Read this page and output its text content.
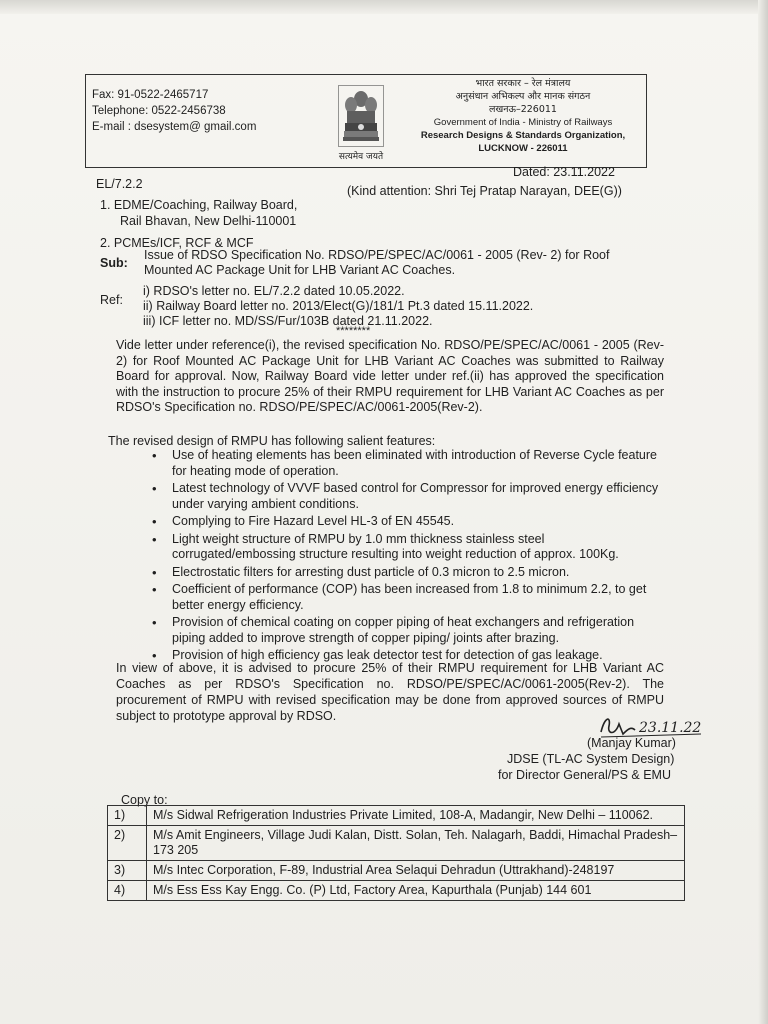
Fax: 91-0522-2465717
Telephone: 0522-2456738
E-mail : dsesystem@ gmail.com
सत्यमेव जयते
भारत सरकार – रेल मंत्रालय
अनुसंधान अभिकल्प और मानक संगठन
लखनऊ–226011
Government of India - Ministry of Railways
Research Designs & Standards Organization,
LUCKNOW - 226011
EL/7.2.2
Dated: 23.11.2022
(Kind attention: Shri Tej Pratap Narayan, DEE(G))
1. EDME/Coaching, Railway Board,
Rail Bhavan, New Delhi-110001
2. PCMEs/ICF, RCF & MCF
Sub:
Issue of RDSO Specification No. RDSO/PE/SPEC/AC/0061 - 2005 (Rev- 2) for Roof Mounted AC Package Unit for LHB Variant AC Coaches.
Ref:
i) RDSO's letter no. EL/7.2.2 dated 10.05.2022.
ii) Railway Board letter no. 2013/Elect(G)/181/1 Pt.3 dated 15.11.2022.
iii) ICF letter no. MD/SS/Fur/103B dated 21.11.2022.
********
Vide letter under reference(i), the revised specification No. RDSO/PE/SPEC/AC/0061 - 2005 (Rev- 2) for Roof Mounted AC Package Unit for LHB Variant AC Coaches was submitted to Railway Board for approval. Now, Railway Board vide letter under ref.(ii) has approved the specification with the instruction to procure 25% of their RMPU requirement for LHB Variant AC Coaches as per RDSO's Specification no. RDSO/PE/SPEC/AC/0061-2005(Rev-2).
The revised design of RMPU has following salient features:
• Use of heating elements has been eliminated with introduction of Reverse Cycle feature for heating mode of operation.
• Latest technology of VVVF based control for Compressor for improved energy efficiency under varying ambient conditions.
• Complying to Fire Hazard Level HL-3 of EN 45545.
• Light weight structure of RMPU by 1.0 mm thickness stainless steel corrugated/embossing structure resulting into weight reduction of approx. 100Kg.
• Electrostatic filters for arresting dust particle of 0.3 micron to 2.5 micron.
• Coefficient of performance (COP) has been increased from 1.8 to minimum 2.2, to get better energy efficiency.
• Provision of chemical coating on copper piping of heat exchangers and refrigeration piping added to improve strength of copper piping/ joints after brazing.
• Provision of high efficiency gas leak detector test for detection of gas leakage.
In view of above, it is advised to procure 25% of their RMPU requirement for LHB Variant AC Coaches as per RDSO's Specification no. RDSO/PE/SPEC/AC/0061-2005(Rev-2). The procurement of RMPU with revised specification may be done from approved sources of RMPU subject to prototype approval by RDSO.
23.11.22
(Manjay Kumar)
JDSE (TL-AC System Design)
for Director General/PS & EMU
Copy to:
1)	M/s Sidwal Refrigeration Industries Private Limited, 108-A, Madangir, New Delhi – 110062.
2)	M/s Amit Engineers, Village Judi Kalan, Distt. Solan, Teh. Nalagarh, Baddi, Himachal Pradesh–173 205
3)	M/s Intec Corporation, F-89, Industrial Area Selaqui Dehradun (Uttrakhand)-248197
4)	M/s Ess Ess Kay Engg. Co. (P) Ltd, Factory Area, Kapurthala (Punjab) 144 601
